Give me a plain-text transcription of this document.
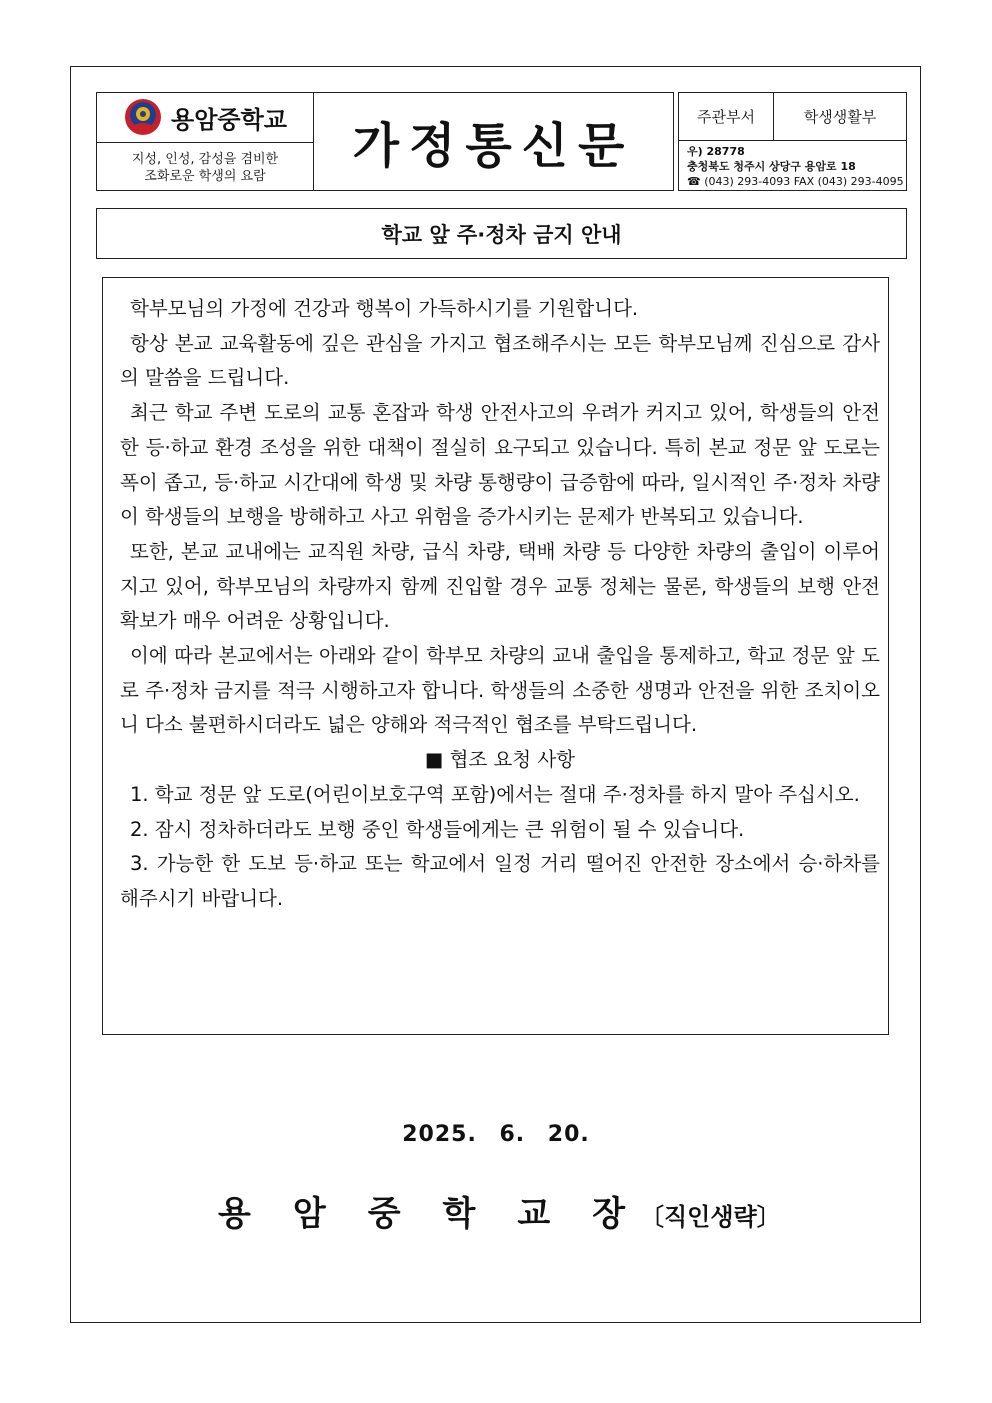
용암중학교
지성, 인성, 감성을 겸비한
조화로운 학생의 요람
가정통신문
주관부서	학생생활부
우) 28778
충청북도 청주시 상당구 용암로 18
☎ (043) 293-4093 FAX (043) 293-4095
학교 앞 주·정차 금지 안내

학부모님의 가정에 건강과 행복이 가득하시기를 기원합니다.

항상 본교 교육활동에 깊은 관심을 가지고 협조해주시는 모든 학부모님께 진심으로 감사의 말씀을 드립니다.

최근 학교 주변 도로의 교통 혼잡과 학생 안전사고의 우려가 커지고 있어, 학생들의 안전한 등·하교 환경 조성을 위한 대책이 절실히 요구되고 있습니다. 특히 본교 정문 앞 도로는 폭이 좁고, 등·하교 시간대에 학생 및 차량 통행량이 급증함에 따라, 일시적인 주·정차 차량이 학생들의 보행을 방해하고 사고 위험을 증가시키는 문제가 반복되고 있습니다.

또한, 본교 교내에는 교직원 차량, 급식 차량, 택배 차량 등 다양한 차량의 출입이 이루어지고 있어, 학부모님의 차량까지 함께 진입할 경우 교통 정체는 물론, 학생들의 보행 안전 확보가 매우 어려운 상황입니다.

이에 따라 본교에서는 아래와 같이 학부모 차량의 교내 출입을 통제하고, 학교 정문 앞 도로 주·정차 금지를 적극 시행하고자 합니다. 학생들의 소중한 생명과 안전을 위한 조치이오니 다소 불편하시더라도 넓은 양해와 적극적인 협조를 부탁드립니다.

■ 협조 요청 사항

1. 학교 정문 앞 도로(어린이보호구역 포함)에서는 절대 주·정차를 하지 말아 주십시오.

2. 잠시 정차하더라도 보행 중인 학생들에게는 큰 위험이 될 수 있습니다.

3. 가능한 한 도보 등·하교 또는 학교에서 일정 거리 떨어진 안전한 장소에서 승·하차를 해주시기 바랍니다.

2025. 6. 20.
용암중학교장
〔직인생략〕
